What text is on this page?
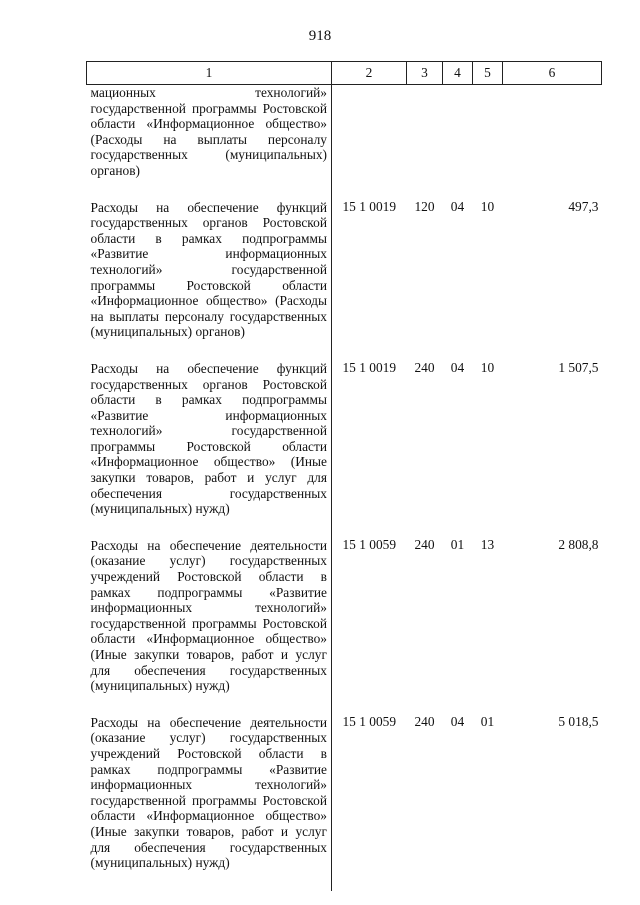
918
1	2	3	4	5	6
мационных технологий» государственной программы Ростовской области «Информационное общество» (Расходы на выплаты персоналу государственных (муниципальных) органов)					
Расходы на обеспечение функций государственных органов Ростовской области в рамках подпрограммы «Развитие информационных технологий» государственной программы Ростовской области «Информационное общество» (Расходы на выплаты персоналу государственных (муниципальных) органов)	15 1 0019	120	04	10	497,3
Расходы на обеспечение функций государственных органов Ростовской области в рамках подпрограммы «Развитие информационных технологий» государственной программы Ростовской области «Информационное общество» (Иные закупки товаров, работ и услуг для обеспечения государственных (муниципальных) нужд)	15 1 0019	240	04	10	1 507,5
Расходы на обеспечение деятельности (оказание услуг) государственных учреждений Ростовской области в рамках подпрограммы «Развитие информационных технологий» государственной программы Ростовской области «Информационное общество» (Иные закупки товаров, работ и услуг для обеспечения государственных (муниципальных) нужд)	15 1 0059	240	01	13	2 808,8
Расходы на обеспечение деятельности (оказание услуг) государственных учреждений Ростовской области в рамках подпрограммы «Развитие информационных технологий» государственной программы Ростовской области «Информационное общество» (Иные закупки товаров, работ и услуг для обеспечения государственных (муниципальных) нужд)	15 1 0059	240	04	01	5 018,5
